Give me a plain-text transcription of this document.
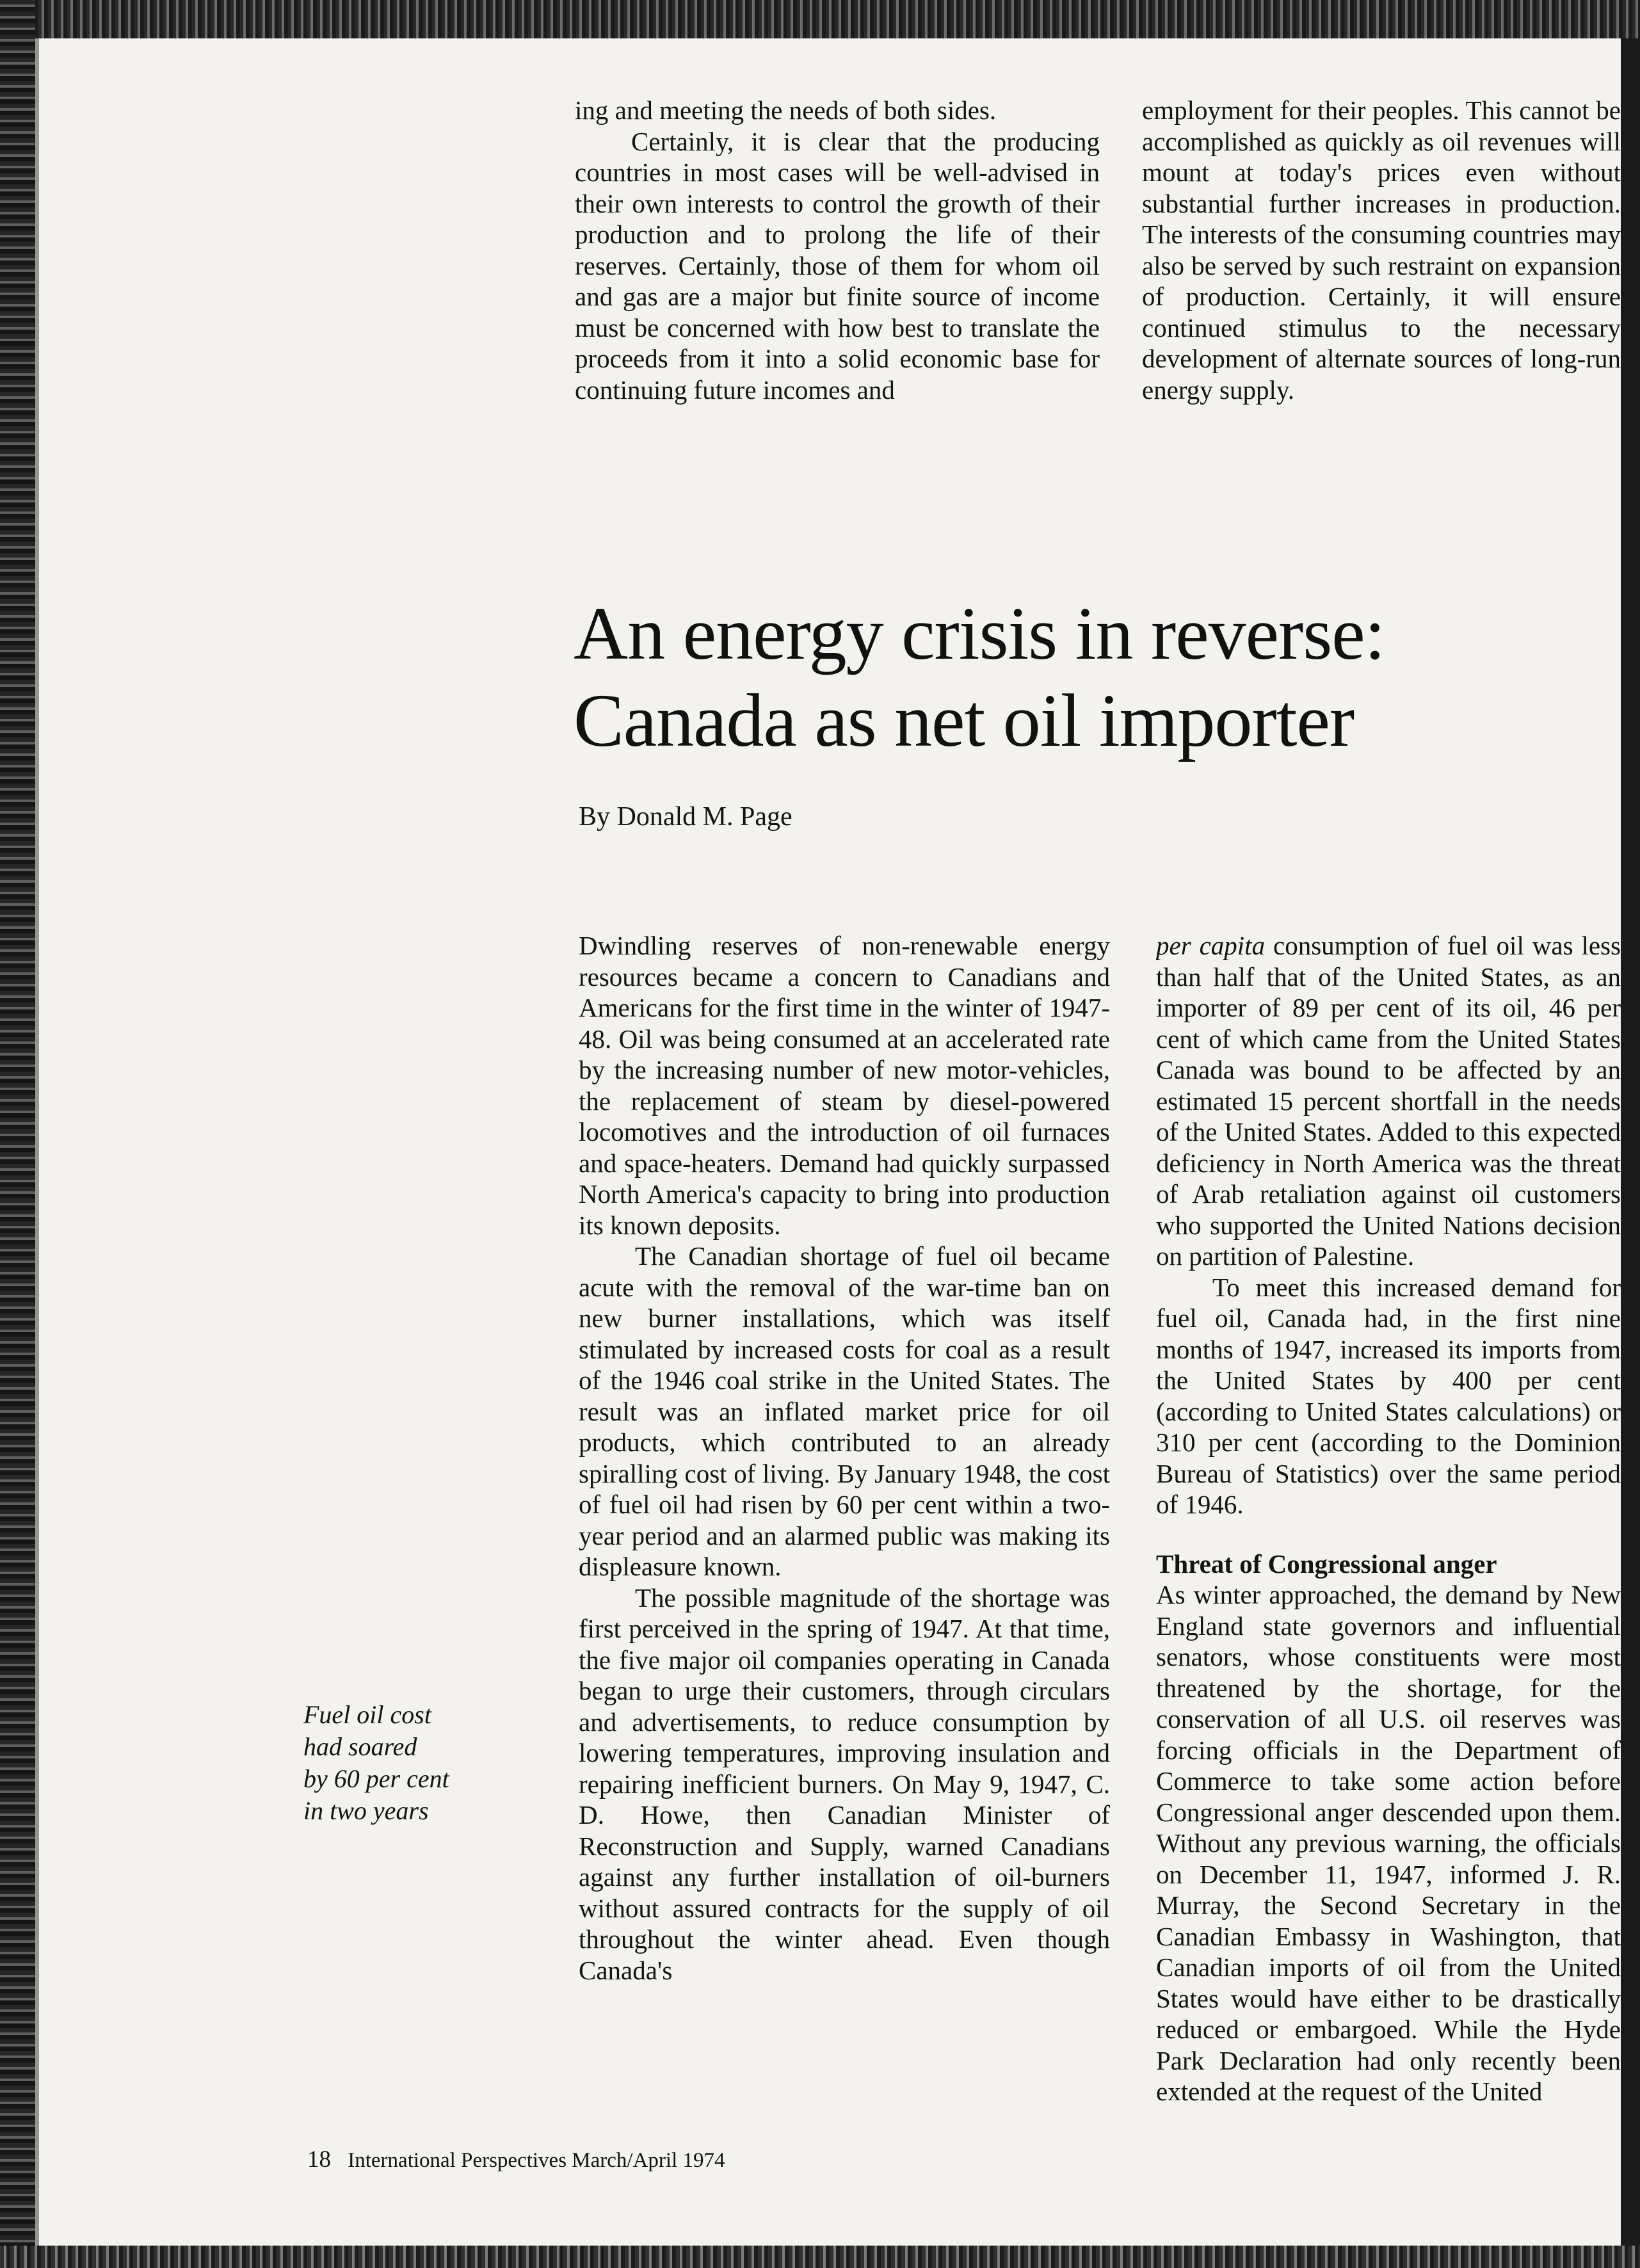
ing and meeting the needs of both sides.

Certainly, it is clear that the producing countries in most cases will be well-advised in their own interests to control the growth of their production and to prolong the life of their reserves. Certainly, those of them for whom oil and gas are a major but finite source of income must be concerned with how best to translate the proceeds from it into a solid economic base for continuing future incomes and

employment for their peoples. This cannot be accomplished as quickly as oil revenues will mount at today's prices even without substantial further increases in production. The interests of the consuming countries may also be served by such restraint on expansion of production. Certainly, it will ensure continued stimulus to the necessary development of alternate sources of long-run energy supply.

An energy crisis in reverse:
Canada as net oil importer
By Donald M. Page

Dwindling reserves of non-renewable energy resources became a concern to Canadians and Americans for the first time in the winter of 1947-48. Oil was being consumed at an accelerated rate by the increasing number of new motor-vehicles, the replacement of steam by diesel-powered locomotives and the introduction of oil furnaces and space-heaters. Demand had quickly surpassed North America's capacity to bring into production its known deposits.

The Canadian shortage of fuel oil became acute with the removal of the war-time ban on new burner installations, which was itself stimulated by increased costs for coal as a result of the 1946 coal strike in the United States. The result was an inflated market price for oil products, which contributed to an already spiralling cost of living. By January 1948, the cost of fuel oil had risen by 60 per cent within a two-year period and an alarmed public was making its displeasure known.

The possible magnitude of the shortage was first perceived in the spring of 1947. At that time, the five major oil companies operating in Canada began to urge their customers, through circulars and advertisements, to reduce consumption by lowering temperatures, improving insulation and repairing inefficient burners. On May 9, 1947, C. D. Howe, then Canadian Minister of Reconstruction and Supply, warned Canadians against any further installation of oil-burners without assured contracts for the supply of oil throughout the winter ahead. Even though Canada's

per capita consumption of fuel oil was less than half that of the United States, as an importer of 89 per cent of its oil, 46 per cent of which came from the United States Canada was bound to be affected by an estimated 15 percent shortfall in the needs of the United States. Added to this expected deficiency in North America was the threat of Arab retaliation against oil customers who supported the United Nations decision on partition of Palestine.

To meet this increased demand for fuel oil, Canada had, in the first nine months of 1947, increased its imports from the United States by 400 per cent (according to United States calculations) or 310 per cent (according to the Dominion Bureau of Statistics) over the same period of 1946.

Threat of Congressional anger

As winter approached, the demand by New England state governors and influential senators, whose constituents were most threatened by the shortage, for the conservation of all U.S. oil reserves was forcing officials in the Department of Commerce to take some action before Congressional anger descended upon them. Without any previous warning, the officials on December 11, 1947, informed J. R. Murray, the Second Secretary in the Canadian Embassy in Washington, that Canadian imports of oil from the United States would have either to be drastically reduced or embargoed. While the Hyde Park Declaration had only recently been extended at the request of the United

Fuel oil cost
had soared
by 60 per cent
in two years
18 International Perspectives March/April 1974
